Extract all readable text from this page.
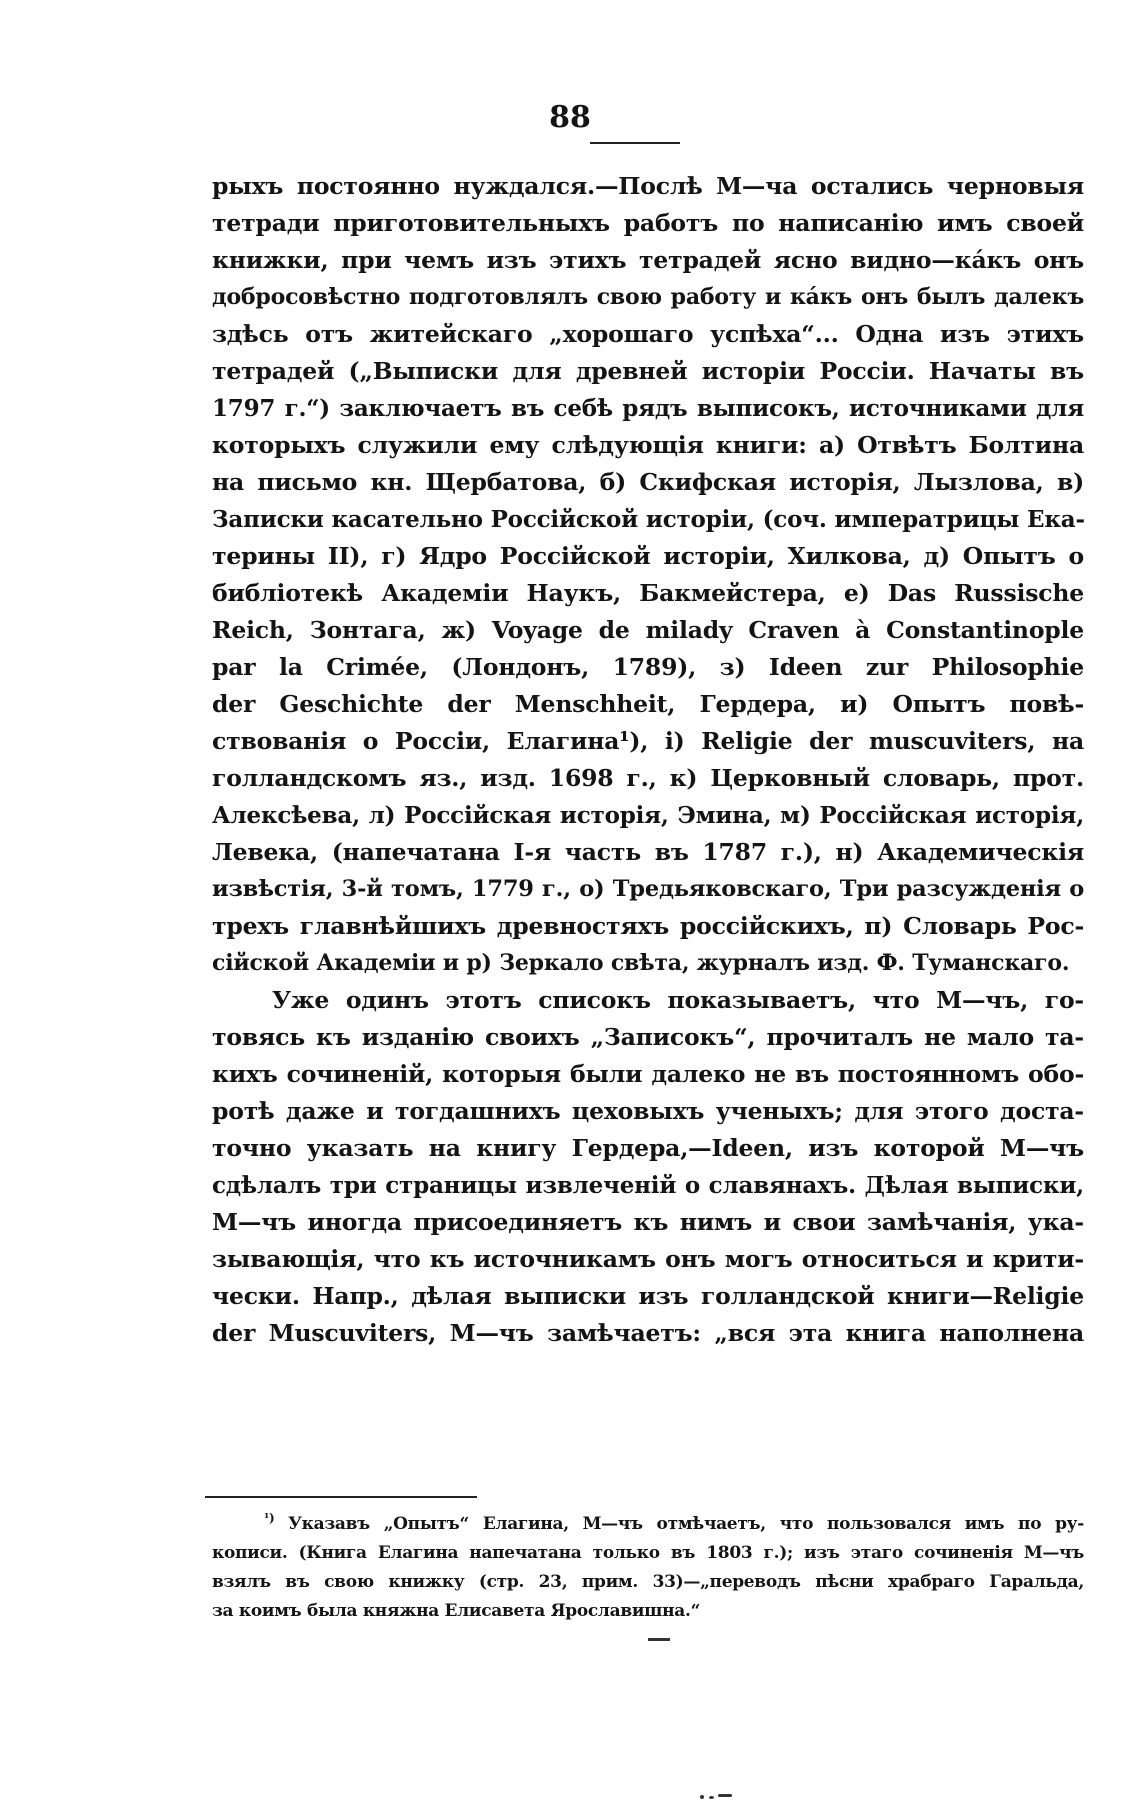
88
рыхъ постоянно нуждался.—Послѣ М—ча остались черновыя
тетради приготовительныхъ работъ по написанію имъ своей
книжки, при чемъ изъ этихъ тетрадей ясно видно—кáкъ онъ
добросовѣстно подготовлялъ свою работу и кáкъ онъ былъ далекъ
здѣсь отъ житейскаго „хорошаго успѣха“... Одна изъ этихъ
тетрадей („Выписки для древней исторіи Россіи. Начаты въ
1797 г.“) заключаетъ въ себѣ рядъ выписокъ, источниками для
которыхъ служили ему слѣдующія книги: а) Отвѣтъ Болтина
на письмо кн. Щербатова, б) Скифская исторія, Лызлова, в)
Записки касательно Россійской исторіи, (соч. императрицы Ека-
терины II), г) Ядро Россійской исторіи, Хилкова, д) Опытъ о
библіотекѣ Академіи Наукъ, Бакмейстера, е) Das Russische
Reich, Зонтага, ж) Voyage de milady Craven à Constantinople
par la Crimée, (Лондонъ, 1789), з) Ideen zur Philosophie
der Geschichte der Menschheit, Гердера, и) Опытъ повѣ-
ствованія о Россіи, Елагина¹), і) Religie der muscuviters, на
голландскомъ яз., изд. 1698 г., к) Церковный словарь, прот.
Алексѣева, л) Россійская исторія, Эмина, м) Россійская исторія,
Левека, (напечатана I-я часть въ 1787 г.), н) Академическія
извѣстія, 3-й томъ, 1779 г., о) Тредьяковскаго, Три разсужденія о
трехъ главнѣйшихъ древностяхъ россійскихъ, п) Словарь Рос-
сійской Академіи и р) Зеркало свѣта, журналъ изд. Ф. Туманскаго.
Уже одинъ этотъ списокъ показываетъ, что М—чъ, го-
товясь къ изданію своихъ „Записокъ“, прочиталъ не мало та-
кихъ сочиненій, которыя были далеко не въ постоянномъ обо-
ротѣ даже и тогдашнихъ цеховыхъ ученыхъ; для этого доста-
точно указать на книгу Гердера,—Ideen, изъ которой М—чъ
сдѣлалъ три страницы извлеченій о славянахъ. Дѣлая выписки,
М—чъ иногда присоединяетъ къ нимъ и свои замѣчанія, ука-
зывающія, что къ источникамъ онъ могъ относиться и крити-
чески. Напр., дѣлая выписки изъ голландской книги—Religie
der Muscuviters, М—чъ замѣчаетъ: „вся эта книга наполнена
$^{^1)}$ Указавъ „Опытъ“ Елагина, М—чъ отмѣчаетъ, что пользовался имъ по ру-
кописи. (Книга Елагина напечатана только въ 1803 г.); изъ этаго сочиненія М—чъ
взялъ въ свою книжку (стр. 23, прим. 33)—„переводъ пѣсни храбраго Гаральда,
за коимъ была княжна Елисавета Ярославишна.“
